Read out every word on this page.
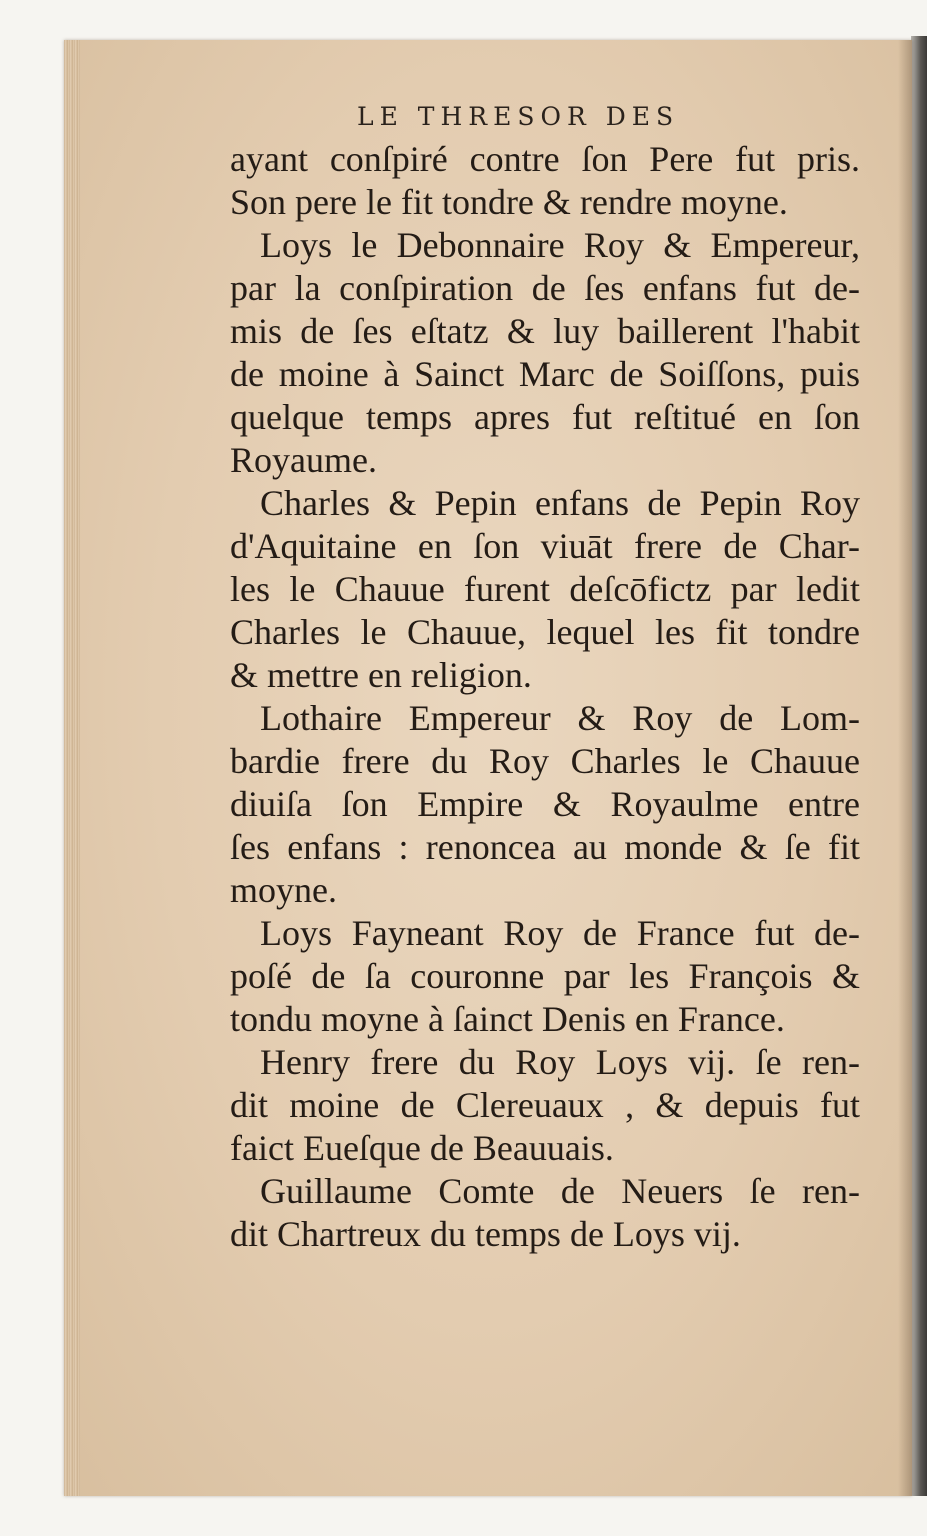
LE THRESOR DES
ayant conſpiré contre ſon Pere fut pris.
Son pere le fit tondre & rendre moyne.
Loys le Debonnaire Roy & Empereur,
par la conſpiration de ſes enfans fut de-
mis de ſes eſtatz & luy baillerent l'habit
de moine à Sainct Marc de Soiſſons, puis
quelque temps apres fut reſtitué en ſon
Royaume.
Charles & Pepin enfans de Pepin Roy
d'Aquitaine en ſon viuāt frere de Char-
les le Chauue furent deſcōfictz par ledit
Charles le Chauue, lequel les fit tondre
& mettre en religion.
Lothaire Empereur & Roy de Lom-
bardie frere du Roy Charles le Chauue
diuiſa ſon Empire & Royaulme entre
ſes enfans : renoncea au monde & ſe fit
moyne.
Loys Fayneant Roy de France fut de-
poſé de ſa couronne par les François &
tondu moyne à ſainct Denis en France.
Henry frere du Roy Loys vij. ſe ren-
dit moine de Clereuaux , & depuis fut
faict Eueſque de Beauuais.
Guillaume Comte de Neuers ſe ren-
dit Chartreux du temps de Loys vij.
